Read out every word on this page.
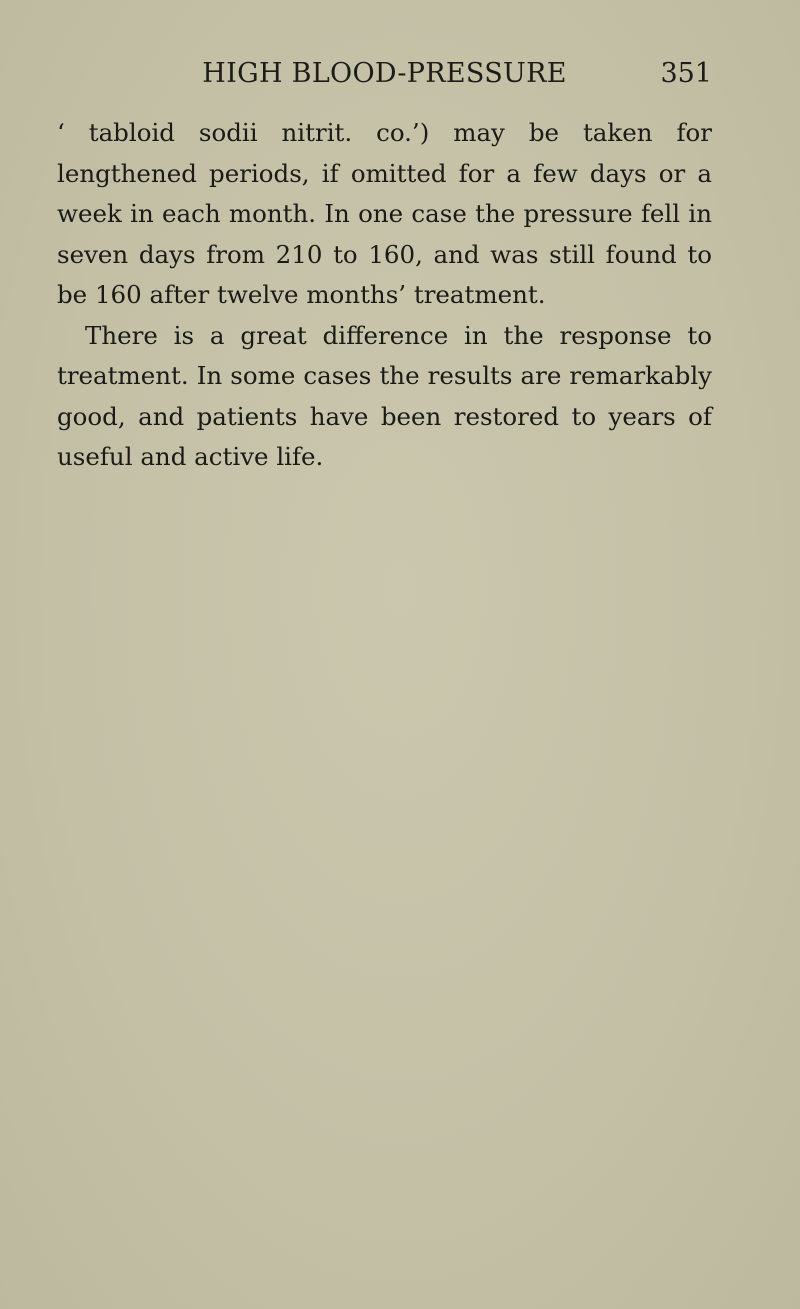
HIGH BLOOD-PRESSURE	351

‘ tabloid sodii nitrit. co.’) may be taken for lengthened periods, if omitted for a few days or a week in each month. In one case the pressure fell in seven days from 210 to 160, and was still found to be 160 after twelve months’ treatment.

There is a great difference in the response to treatment. In some cases the results are remarkably good, and patients have been restored to years of useful and active life.
